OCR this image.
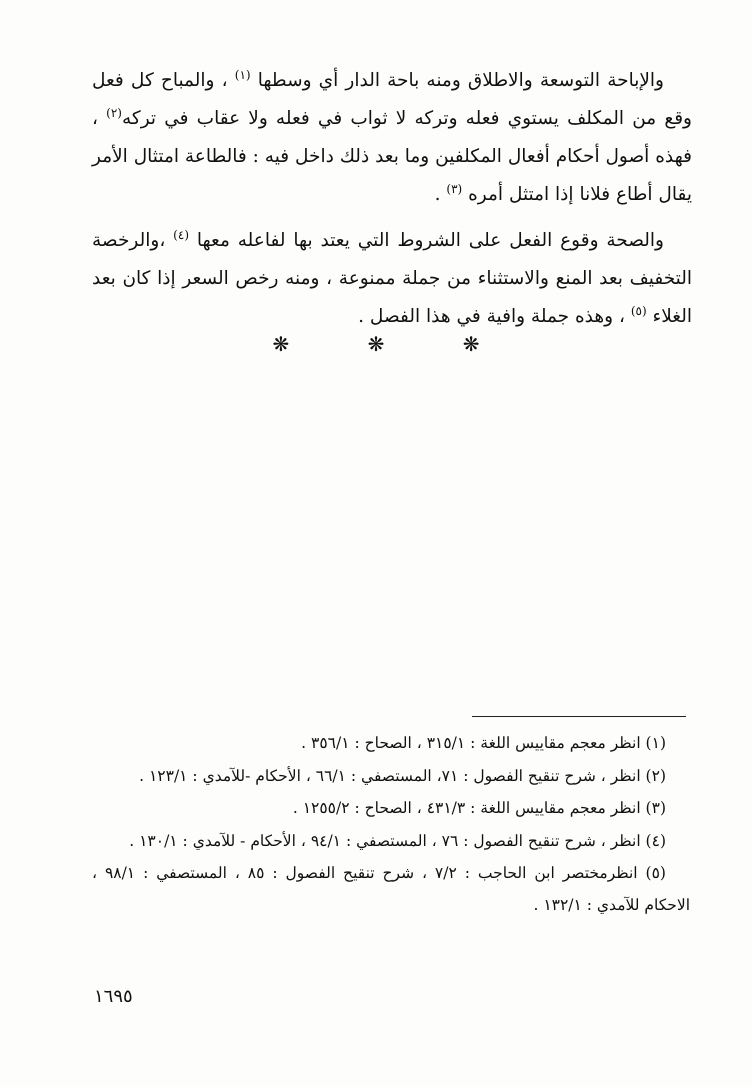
والإباحة التوسعة والاطلاق ومنه باحة الدار أي وسطها $^{(١)}$ ، والمباح كل فعل وقع من المكلف يستوي فعله وتركه لا ثواب في فعله ولا عقاب في تركه$^{(٢)}$ ، فهذه أصول أحكام أفعال المكلفين وما بعد ذلك داخل فيه : فالطاعة امتثال الأمر يقال أطاع فلانا إذا امتثل أمره $^{(٣)}$ .

والصحة وقوع الفعل على الشروط التي يعتد بها لفاعله معها $^{(٤)}$ ،والرخصة التخفيف بعد المنع والاستثناء من جملة ممنوعة ، ومنه رخص السعر إذا كان بعد الغلاء $^{(٥)}$ ، وهذه جملة وافية في هذا الفصل .

❋ ❋ ❋

(١) انظر معجم مقاييس اللغة : ٣١٥/١ ، الصحاح : ٣٥٦/١ .

(٢) انظر ، شرح تنقيح الفصول : ٧١، المستصفي : ٦٦/١ ، الأحكام -للآمدي : ١٢٣/١ .

(٣) انظر معجم مقاييس اللغة : ٤٣١/٣ ، الصحاح : ١٢٥٥/٢ .

(٤) انظر ، شرح تنقيح الفصول : ٧٦ ، المستصفي : ٩٤/١ ، الأحكام - للآمدي : ١٣٠/١ .

(٥) انظرمختصر ابن الحاجب : ٧/٢ ، شرح تنقيح الفصول : ٨٥ ، المستصفي : ٩٨/١ ، الاحكام للآمدي : ١٣٢/١ .

١٦٩٥
